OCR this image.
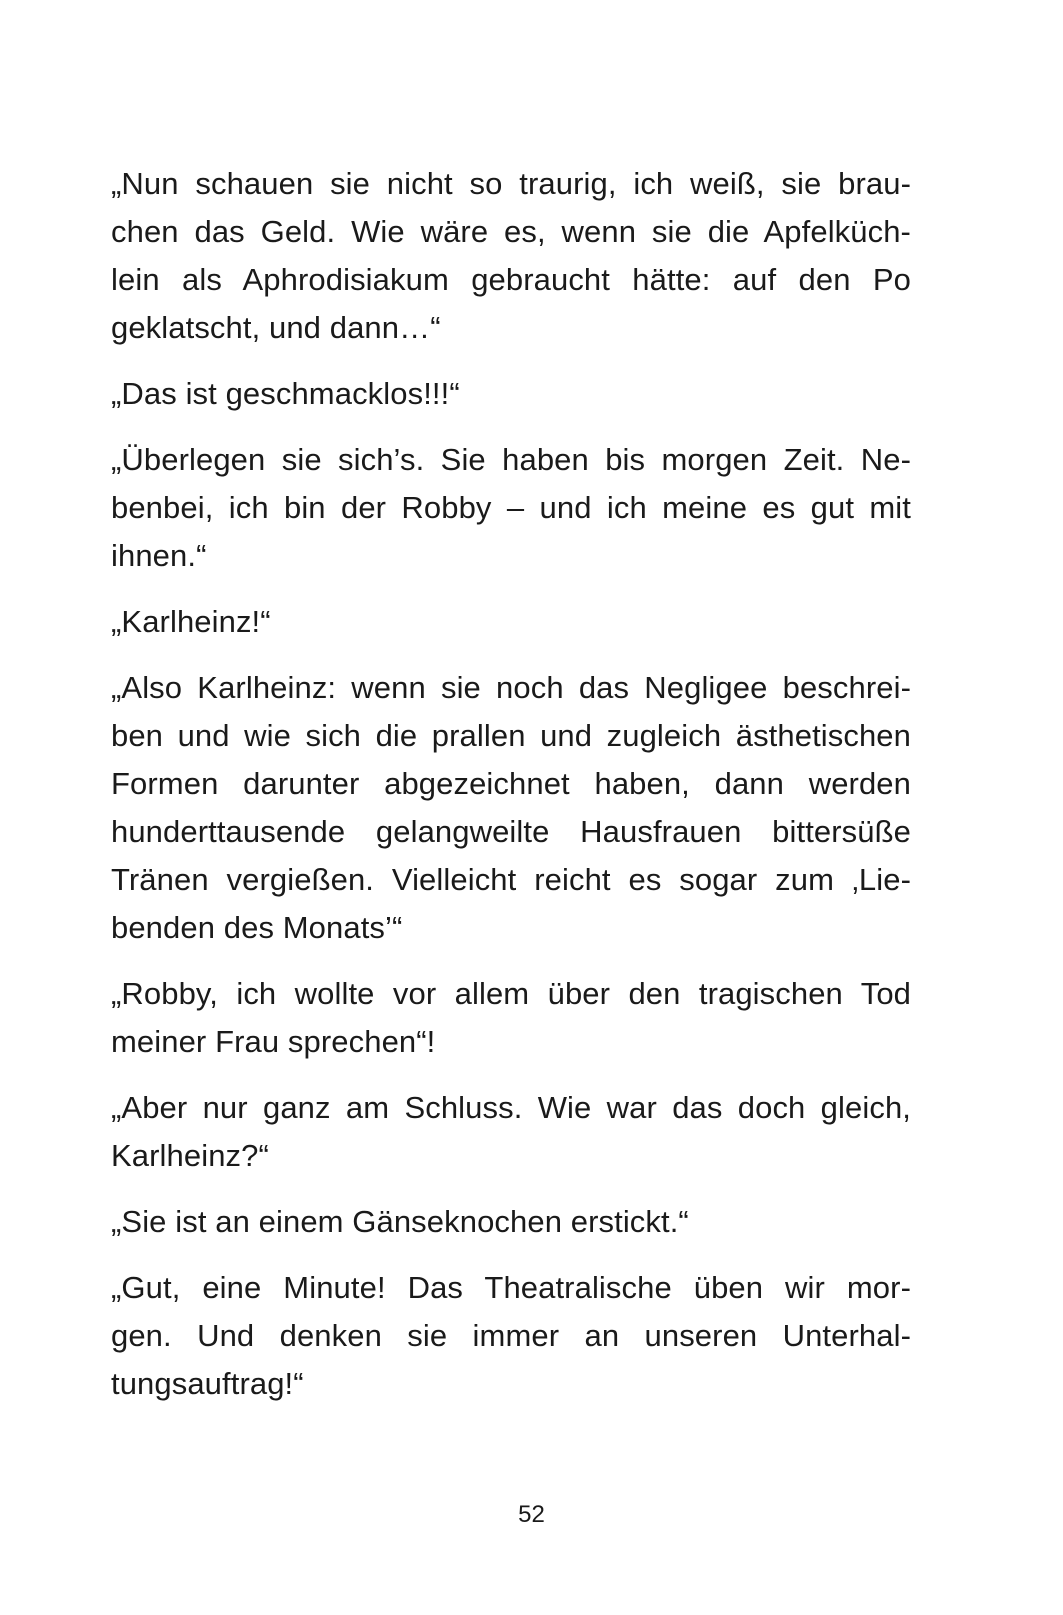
„Nun schauen sie nicht so traurig, ich weiß, sie brau-
chen das Geld. Wie wäre es, wenn sie die Apfelküch-
lein als Aphrodisiakum gebraucht hätte: auf den Po
geklatscht, und dann…“

„Das ist geschmacklos!!!“

„Überlegen sie sich’s. Sie haben bis morgen Zeit. Ne-
benbei, ich bin der Robby – und ich meine es gut mit
ihnen.“

„Karlheinz!“

„Also Karlheinz: wenn sie noch das Negligee beschrei-
ben und wie sich die prallen und zugleich ästhetischen
Formen darunter abgezeichnet haben, dann werden
hunderttausende gelangweilte Hausfrauen bittersüße
Tränen vergießen. Vielleicht reicht es sogar zum ‚Lie-
benden des Monats’“

„Robby, ich wollte vor allem über den tragischen Tod
meiner Frau sprechen“!

„Aber nur ganz am Schluss. Wie war das doch gleich,
Karlheinz?“

„Sie ist an einem Gänseknochen erstickt.“

„Gut, eine Minute! Das Theatralische üben wir mor-
gen. Und denken sie immer an unseren Unterhal-
tungsauftrag!“

52
